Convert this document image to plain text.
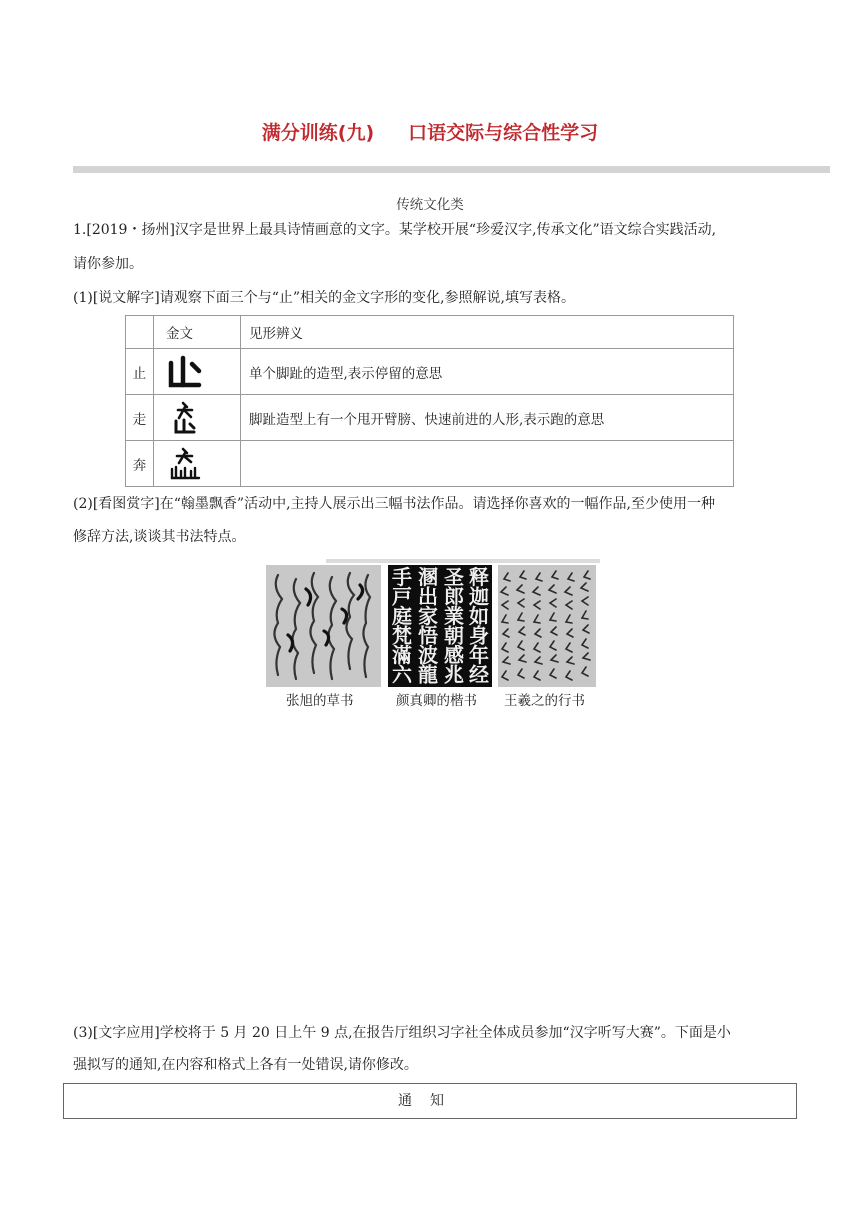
满分训练(九) 口语交际与综合性学习
传统文化类
1.[2019・扬州]汉字是世界上最具诗情画意的文字。某学校开展“珍爱汉字,传承文化”语文综合实践活动,
请你参加。
(1)[说文解字]请观察下面三个与“止”相关的金文字形的变化,参照解说,填写表格。
	金文	见形辨义
止		单个脚趾的造型,表示停留的意思
走		脚趾造型上有一个甩开臂膀、快速前进的人形,表示跑的意思
奔	

(2)[看图赏字]在“翰墨飘香”活动中,主持人展示出三幅书法作品。请选择你喜欢的一幅作品,至少使用一种
修辞方法,谈谈其书法特点。
释迦如身年经
圣郎業朝感兆
溷出家悟波龍
手戸庭梵滿六
张旭的草书	颜真卿的楷书 王羲之的行书
(3)[文字应用]学校将于 5 月 20 日上午 9 点,在报告厅组织习字社全体成员参加“汉字听写大赛”。下面是小
强拟写的通知,在内容和格式上各有一处错误,请你修改。
通知
